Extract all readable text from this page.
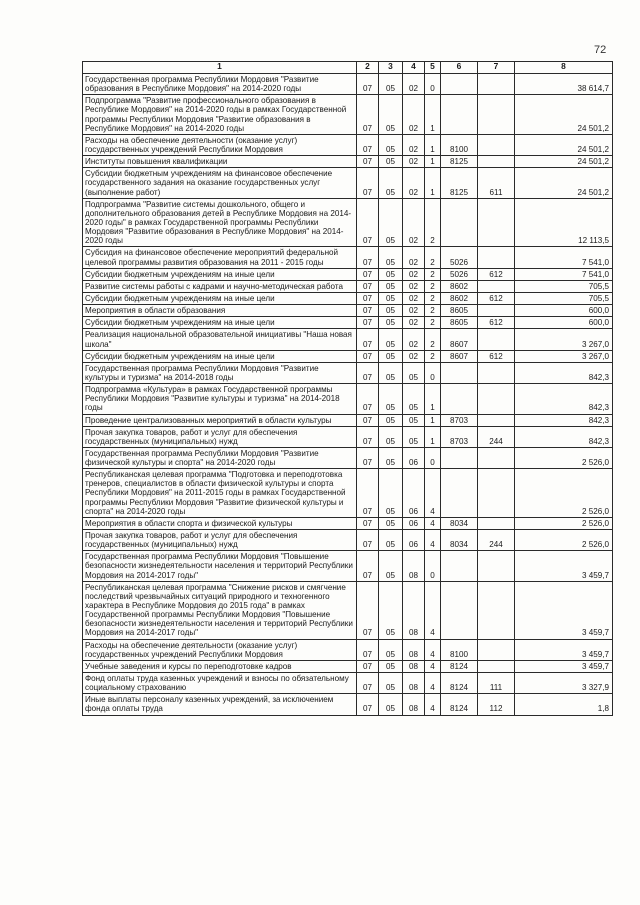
72
1	2	3	4	5	6	7	8
Государственная программа Республики Мордовия "Развитие образования в Республике Мордовия" на 2014-2020 годы	07	05	02	0			38 614,7
Подпрограмма "Развитие профессионального образования в Республике Мордовия" на 2014-2020 годы в рамках Государственной программы Республики Мордовия "Развитие образования в Республике Мордовия" на 2014-2020 годы	07	05	02	1			24 501,2
Расходы на обеспечение деятельности (оказание услуг) государственных учреждений Республики Мордовия	07	05	02	1	8100		24 501,2
Институты повышения квалификации	07	05	02	1	8125		24 501,2
Субсидии бюджетным учреждениям на финансовое обеспечение государственного задания на оказание государственных услуг (выполнение работ)	07	05	02	1	8125	611	24 501,2
Подпрограмма "Развитие системы дошкольного, общего и дополнительного образования детей в Республике Мордовия на 2014-2020 годы" в рамках Государственной программы Республики Мордовия "Развитие образования в Республике Мордовия" на 2014-2020 годы	07	05	02	2			12 113,5
Субсидия на финансовое обеспечение мероприятий федеральной целевой программы развития образования на 2011 - 2015 годы	07	05	02	2	5026		7 541,0
Субсидии бюджетным учреждениям на иные цели	07	05	02	2	5026	612	7 541,0
Развитие системы работы с кадрами и научно-методическая работа	07	05	02	2	8602		705,5
Субсидии бюджетным учреждениям на иные цели	07	05	02	2	8602	612	705,5
Мероприятия в области образования	07	05	02	2	8605		600,0
Субсидии бюджетным учреждениям на иные цели	07	05	02	2	8605	612	600,0
Реализация национальной образовательной инициативы "Наша новая школа"	07	05	02	2	8607		3 267,0
Субсидии бюджетным учреждениям на иные цели	07	05	02	2	8607	612	3 267,0
Государственная программа Республики Мордовия "Развитие культуры и туризма" на 2014-2018 годы	07	05	05	0			842,3
Подпрограмма «Культура» в рамках Государственной программы Республики Мордовия "Развитие культуры и туризма" на 2014-2018 годы	07	05	05	1			842,3
Проведение централизованных мероприятий в области культуры	07	05	05	1	8703		842,3
Прочая закупка товаров, работ и услуг для обеспечения государственных (муниципальных) нужд	07	05	05	1	8703	244	842,3
Государственная программа Республики Мордовия "Развитие физической культуры и спорта" на 2014-2020 годы	07	05	06	0			2 526,0
Республиканская целевая программа "Подготовка и переподготовка тренеров, специалистов в области физической культуры и спорта Республики Мордовия" на 2011-2015 годы в рамках Государственной программы Республики Мордовия "Развитие физической культуры и спорта" на 2014-2020 годы	07	05	06	4			2 526,0
Мероприятия в области спорта и физической культуры	07	05	06	4	8034		2 526,0
Прочая закупка товаров, работ и услуг для обеспечения государственных (муниципальных) нужд	07	05	06	4	8034	244	2 526,0
Государственная программа Республики Мордовия "Повышение безопасности жизнедеятельности населения и территорий Республики Мордовия на 2014-2017 годы"	07	05	08	0			3 459,7
Республиканская целевая программа "Снижение рисков и смягчение последствий чрезвычайных ситуаций природного и техногенного характера в Республике Мордовия до 2015 года" в рамках Государственной программы Республики Мордовия "Повышение безопасности жизнедеятельности населения и территорий Республики Мордовия на 2014-2017 годы"	07	05	08	4			3 459,7
Расходы на обеспечение деятельности (оказание услуг) государственных учреждений Республики Мордовия	07	05	08	4	8100		3 459,7
Учебные заведения и курсы по переподготовке кадров	07	05	08	4	8124		3 459,7
Фонд оплаты труда казенных учреждений и взносы по обязательному социальному страхованию	07	05	08	4	8124	111	3 327,9
Иные выплаты персоналу казенных учреждений, за исключением фонда оплаты труда	07	05	08	4	8124	112	1,8
